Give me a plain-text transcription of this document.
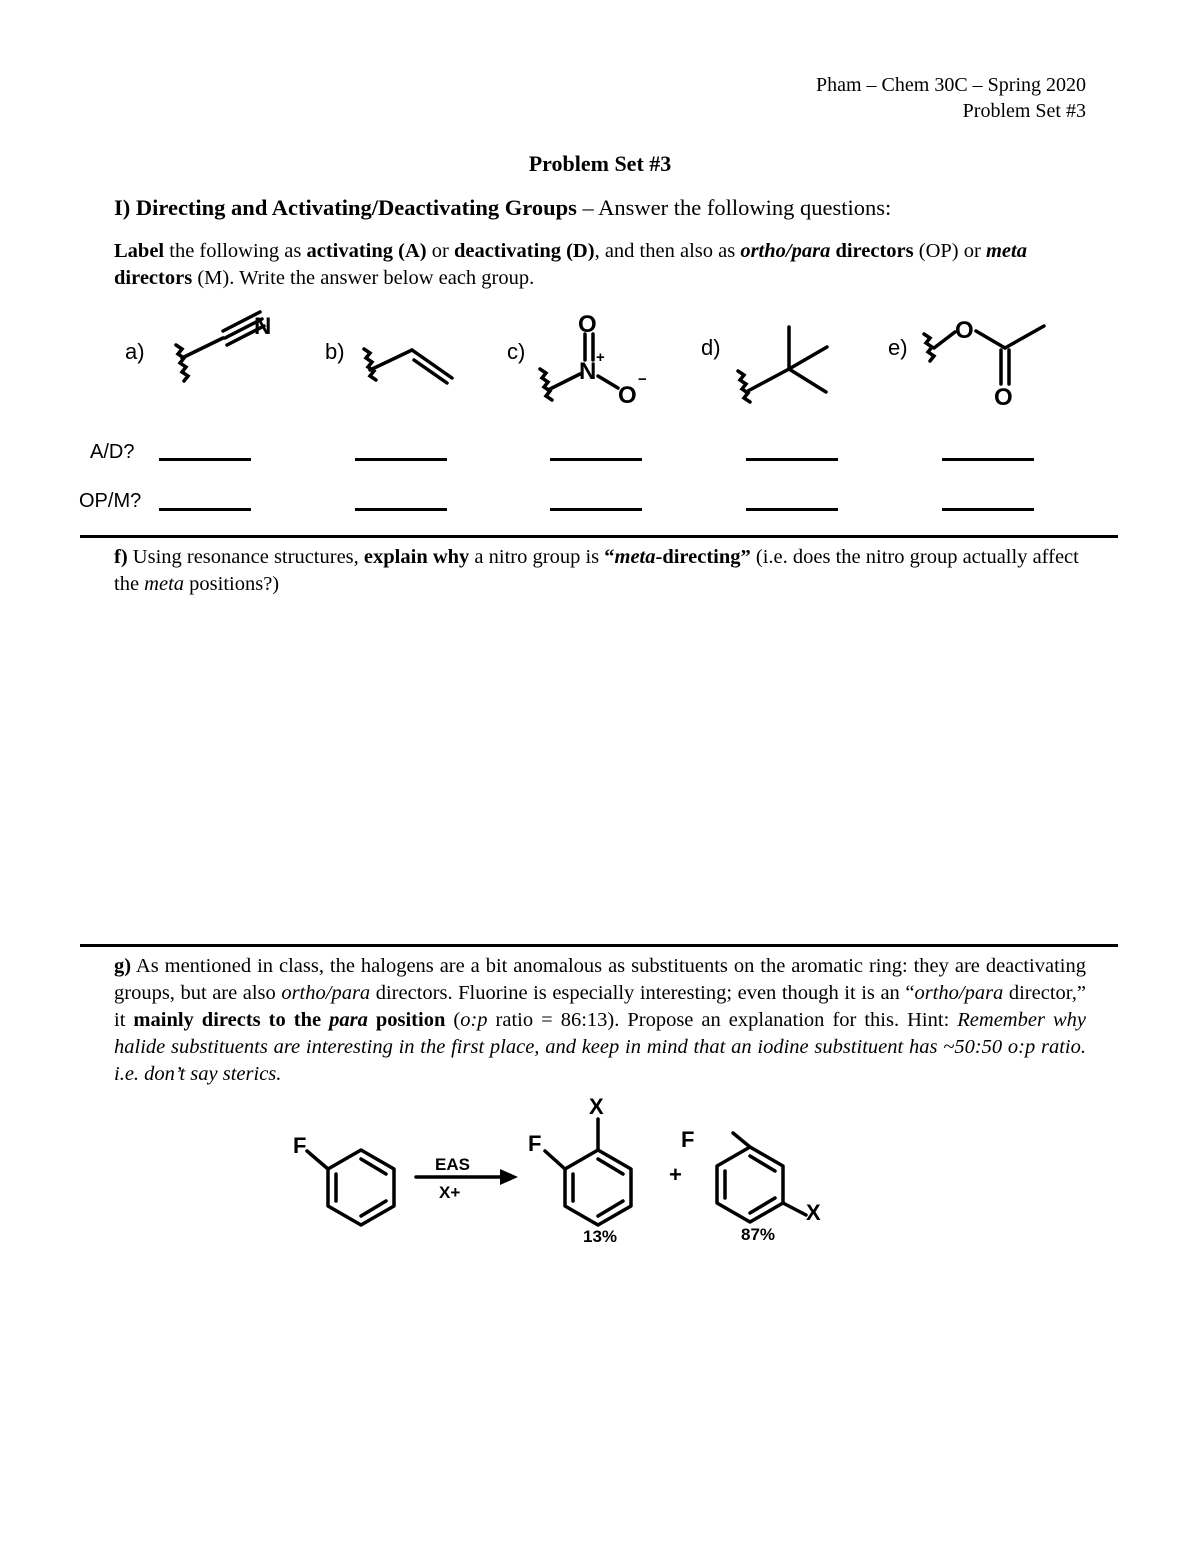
Pham – Chem 30C – Spring 2020
Problem Set #3
Problem Set #3
I) Directing and Activating/Deactivating Groups – Answer the following questions:
Label the following as activating (A) or deactivating (D), and then also as ortho/para directors (OP) or meta directors (M). Write the answer below each group.
a)	b)	c)	d)	e)
N	O
N
O
O
O
+
−
A/D?
OP/M?
f) Using resonance structures, explain why a nitro group is “meta-directing” (i.e. does the nitro group actually affect the meta positions?)
g) As mentioned in class, the halogens are a bit anomalous as substituents on the aromatic ring: they are deactivating groups, but are also ortho/para directors. Fluorine is especially interesting; even though it is an “ortho/para director,” it mainly directs to the para position (o:p ratio = 86:13). Propose an explanation for this. Hint: Remember why halide substituents are interesting in the first place, and keep in mind that an iodine substituent has ~50:50 o:p ratio. i.e. don’t say sterics.
F
EAS
X+
F
X
+
F
X
13%	87%
